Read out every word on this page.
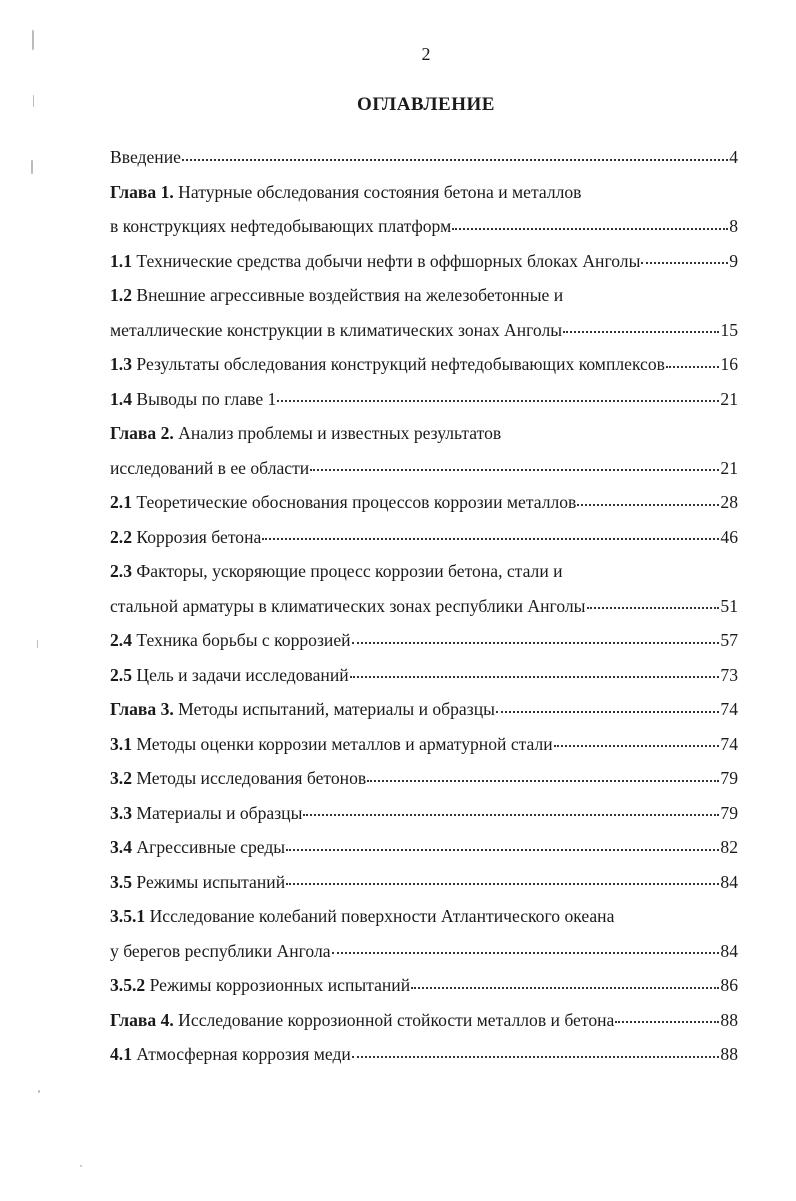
2
ОГЛАВЛЕНИЕ
Введение	4
Глава 1. Натурные обследования состояния бетона и металлов
в конструкциях нефтедобывающих платформ	8
1.1 Технические средства добычи нефти в оффшорных блоках Анголы	9
1.2 Внешние агрессивные воздействия на железобетонные и
металлические конструкции в климатических зонах Анголы	15
1.3 Результаты обследования конструкций нефтедобывающих комплексов	16
1.4 Выводы по главе 1	21
Глава 2. Анализ проблемы и известных результатов
исследований в ее области	21
2.1 Теоретические обоснования процессов коррозии металлов	28
2.2 Коррозия бетона	46
2.3 Факторы, ускоряющие процесс коррозии бетона, стали и
стальной арматуры в климатических зонах республики Анголы	51
2.4 Техника борьбы с коррозией	57
2.5 Цель и задачи исследований	73
Глава 3. Методы испытаний, материалы и образцы	74
3.1 Методы оценки коррозии металлов и арматурной стали	74
3.2 Методы исследования бетонов	79
3.3 Материалы и образцы	79
3.4 Агрессивные среды	82
3.5 Режимы испытаний	84
3.5.1 Исследование колебаний поверхности Атлантического океана
у берегов республики Ангола	84
3.5.2 Режимы коррозионных испытаний	86
Глава 4. Исследование коррозионной стойкости металлов и бетона	88
4.1 Атмосферная коррозия меди	88
